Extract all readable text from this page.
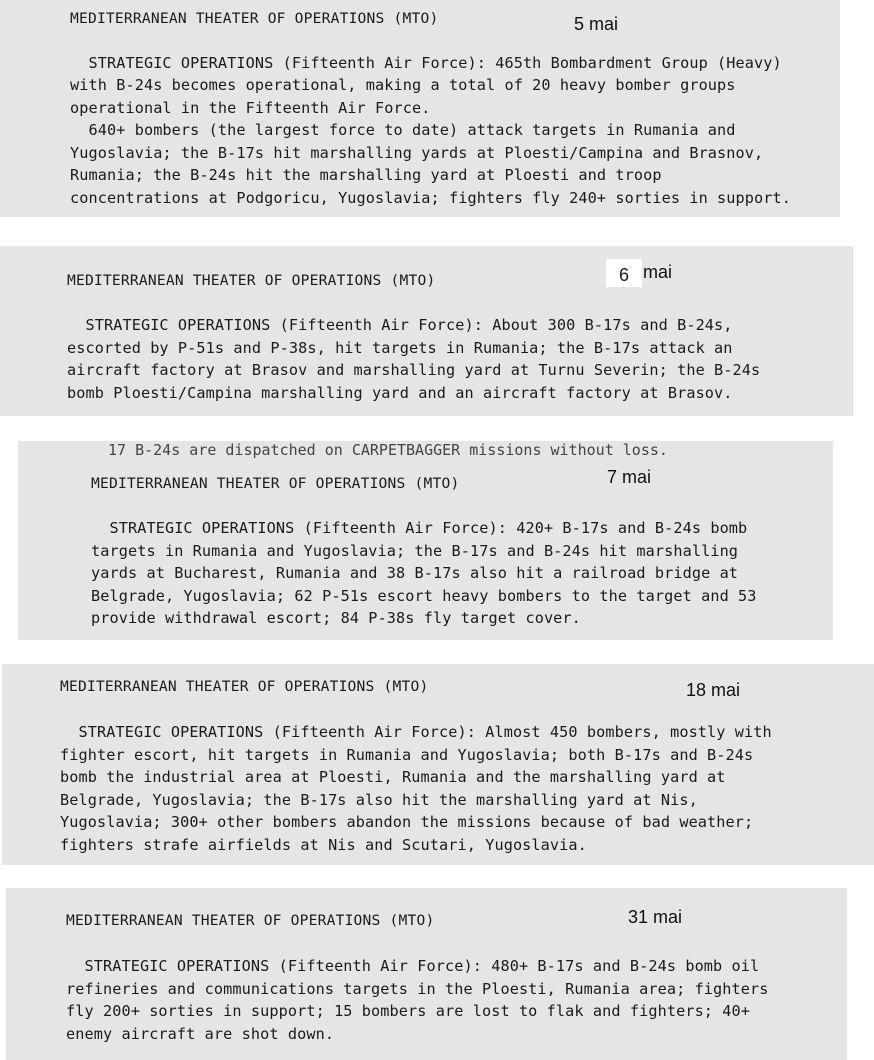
MEDITERRANEAN THEATER OF OPERATIONS (MTO)	5 mai
STRATEGIC OPERATIONS (Fifteenth Air Force): 465th Bombardment Group (Heavy)
with B-24s becomes operational, making a total of 20 heavy bomber groups
operational in the Fifteenth Air Force.
640+ bombers (the largest force to date) attack targets in Rumania and
Yugoslavia; the B-17s hit marshalling yards at Ploesti/Campina and Brasnov,
Rumania; the B-24s hit the marshalling yard at Ploesti and troop
concentrations at Podgoricu, Yugoslavia; fighters fly 240+ sorties in support.
MEDITERRANEAN THEATER OF OPERATIONS (MTO)	6 mai
STRATEGIC OPERATIONS (Fifteenth Air Force): About 300 B-17s and B-24s,
escorted by P-51s and P-38s, hit targets in Rumania; the B-17s attack an
aircraft factory at Brasov and marshalling yard at Turnu Severin; the B-24s
bomb Ploesti/Campina marshalling yard and an aircraft factory at Brasov.
17 B-24s are dispatched on CARPETBAGGER missions without loss.
MEDITERRANEAN THEATER OF OPERATIONS (MTO)	7 mai
STRATEGIC OPERATIONS (Fifteenth Air Force): 420+ B-17s and B-24s bomb
targets in Rumania and Yugoslavia; the B-17s and B-24s hit marshalling
yards at Bucharest, Rumania and 38 B-17s also hit a railroad bridge at
Belgrade, Yugoslavia; 62 P-51s escort heavy bombers to the target and 53
provide withdrawal escort; 84 P-38s fly target cover.
MEDITERRANEAN THEATER OF OPERATIONS (MTO)	18 mai
STRATEGIC OPERATIONS (Fifteenth Air Force): Almost 450 bombers, mostly with
fighter escort, hit targets in Rumania and Yugoslavia; both B-17s and B-24s
bomb the industrial area at Ploesti, Rumania and the marshalling yard at
Belgrade, Yugoslavia; the B-17s also hit the marshalling yard at Nis,
Yugoslavia; 300+ other bombers abandon the missions because of bad weather;
fighters strafe airfields at Nis and Scutari, Yugoslavia.
MEDITERRANEAN THEATER OF OPERATIONS (MTO)	31 mai
STRATEGIC OPERATIONS (Fifteenth Air Force): 480+ B-17s and B-24s bomb oil
refineries and communications targets in the Ploesti, Rumania area; fighters
fly 200+ sorties in support; 15 bombers are lost to flak and fighters; 40+
enemy aircraft are shot down.
